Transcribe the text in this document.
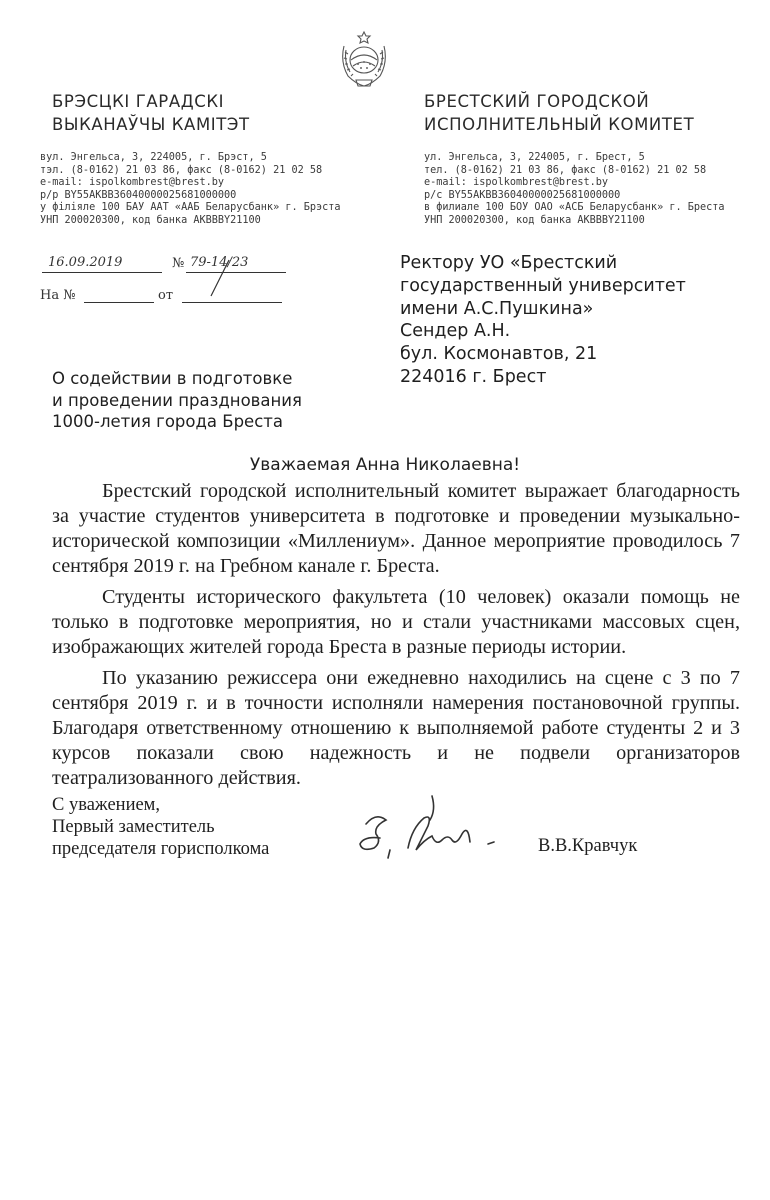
БРЭСЦКІ ГАРАДСКІ
ВЫКАНАЎЧЫ КАМІТЭТ
вул. Энгельса, 3, 224005, г. Брэст, 5
тэл. (8-0162) 21 03 86, факс (8-0162) 21 02 58
e-mail: ispolkombrest@brest.by
р/р BY55AKBB36040000025681000000
у філіяле 100 БАУ ААТ «ААБ Беларусбанк» г. Брэста
УНП 200020300, код банка AKBBBY21100
БРЕСТСКИЙ ГОРОДСКОЙ
ИСПОЛНИТЕЛЬНЫЙ КОМИТЕТ
ул. Энгельса, 3, 224005, г. Брест, 5
тел. (8-0162) 21 03 86, факс (8-0162) 21 02 58
e-mail: ispolkombrest@brest.by
р/с BY55AKBB36040000025681000000
в филиале 100 БОУ ОАО «АСБ Беларусбанк» г. Бреста
УНП 200020300, код банка AKBBBY21100
16.09.2019	№ 79-14/23
На №	от
Ректору УО «Брестский
государственный университет
имени А.С.Пушкина»
Сендер А.Н.
бул. Космонавтов, 21
224016 г. Брест
О содействии в подготовке
и проведении празднования
1000-летия города Бреста
Уважаемая Анна Николаевна!

Брестский городской исполнительный комитет выражает благодарность за участие студентов университета в подготовке и проведении музыкально-исторической композиции «Миллениум». Данное мероприятие проводилось 7 сентября 2019 г. на Гребном канале г. Бреста.

Студенты исторического факультета (10 человек) оказали помощь не только в подготовке мероприятия, но и стали участниками массовых сцен, изображающих жителей города Бреста в разные периоды истории.

По указанию режиссера они ежедневно находились на сцене с 3 по 7 сентября 2019 г. и в точности исполняли намерения постановочной группы. Благодаря ответственному отношению к выполняемой работе студенты 2 и 3 курсов показали свою надежность и не подвели организаторов театрализованного действия.

С уважением,
Первый заместитель
председателя горисполкома	В.В.Кравчук
